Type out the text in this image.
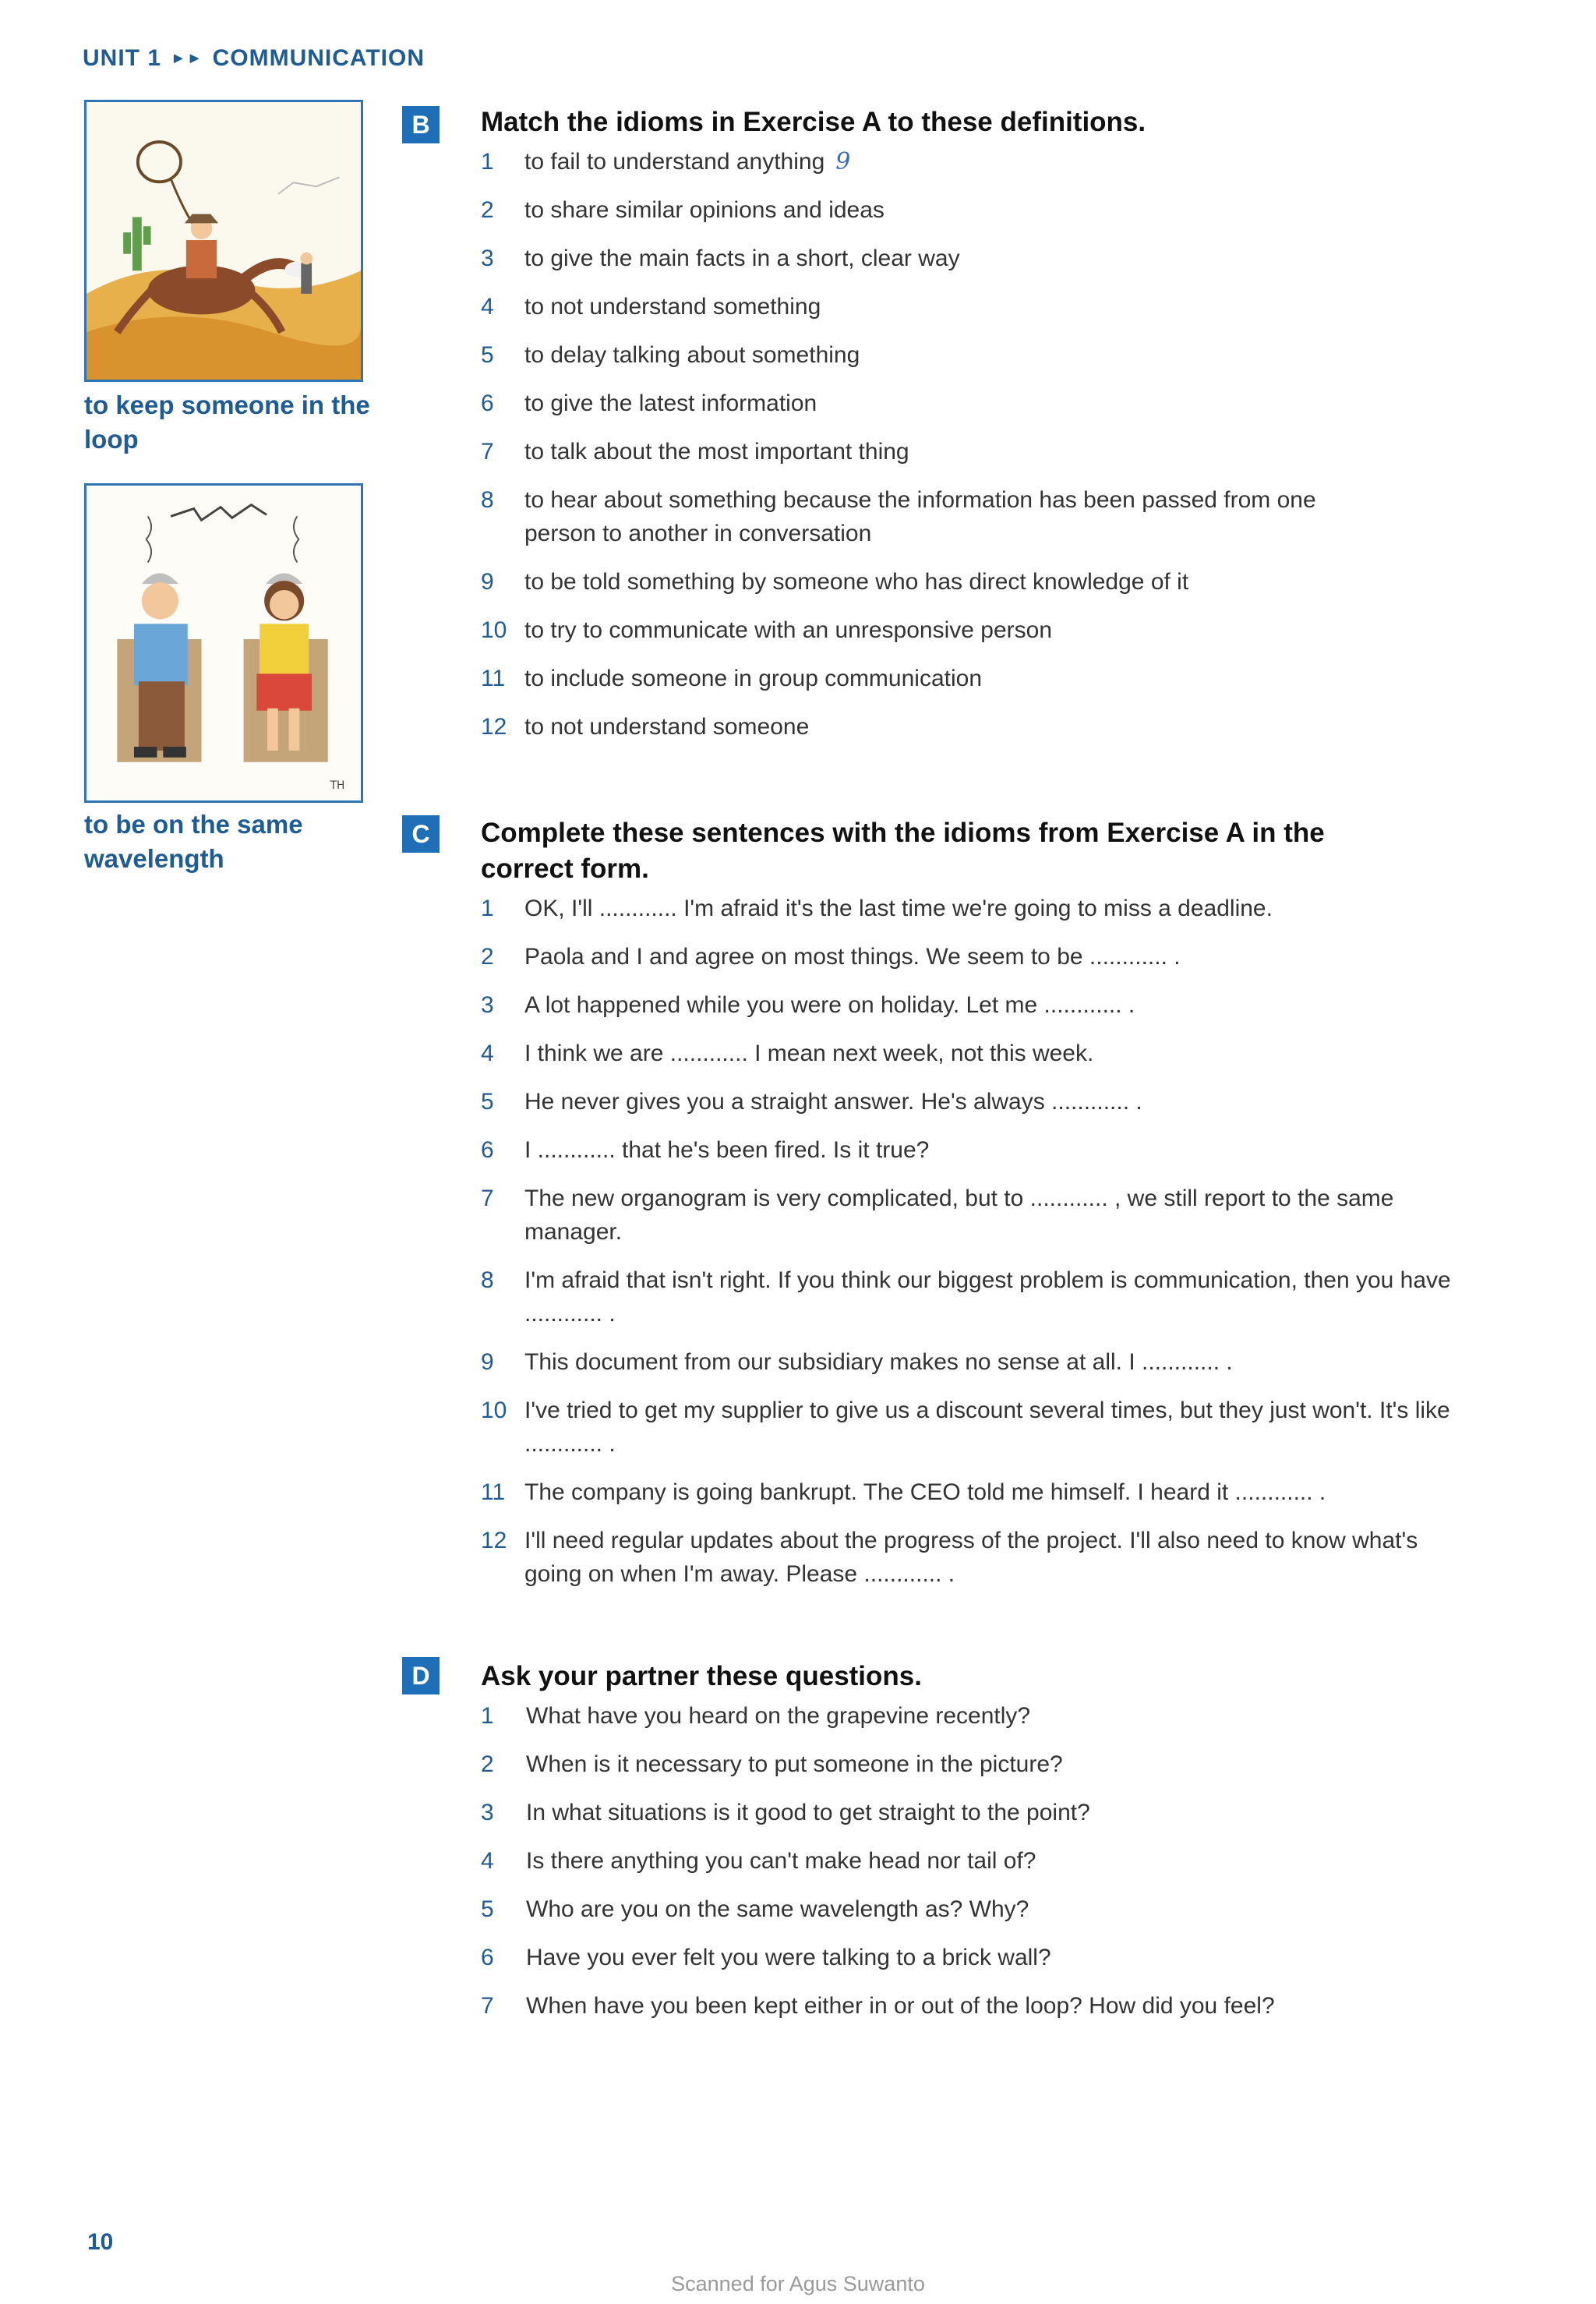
UNIT 1 ►► COMMUNICATION
to keep someone in the loop
TH
to be on the same wavelength
B	Match the idioms in Exercise A to these definitions.
1 to fail to understand anything 9
2 to share similar opinions and ideas
3 to give the main facts in a short, clear way
4 to not understand something
5 to delay talking about something
6 to give the latest information
7 to talk about the most important thing
8 to hear about something because the information has been passed from one person to another in conversation
9 to be told something by someone who has direct knowledge of it
10 to try to communicate with an unresponsive person
11 to include someone in group communication
12 to not understand someone
C	Complete these sentences with the idioms from Exercise A in the correct form.
1 OK, I'll ............ I'm afraid it's the last time we're going to miss a deadline.
2 Paola and I and agree on most things. We seem to be ............ .
3 A lot happened while you were on holiday. Let me ............ .
4 I think we are ............ I mean next week, not this week.
5 He never gives you a straight answer. He's always ............ .
6 I ............ that he's been fired. Is it true?
7 The new organogram is very complicated, but to ............ , we still report to the same manager.
8 I'm afraid that isn't right. If you think our biggest problem is communication, then you have ............ .
9 This document from our subsidiary makes no sense at all. I ............ .
10 I've tried to get my supplier to give us a discount several times, but they just won't. It's like ............ .
11 The company is going bankrupt. The CEO told me himself. I heard it ............ .
12 I'll need regular updates about the progress of the project. I'll also need to know what's going on when I'm away. Please ............ .
D	Ask your partner these questions.
1 What have you heard on the grapevine recently?
2 When is it necessary to put someone in the picture?
3 In what situations is it good to get straight to the point?
4 Is there anything you can't make head nor tail of?
5 Who are you on the same wavelength as? Why?
6 Have you ever felt you were talking to a brick wall?
7 When have you been kept either in or out of the loop? How did you feel?
10
Scanned for Agus Suwanto
